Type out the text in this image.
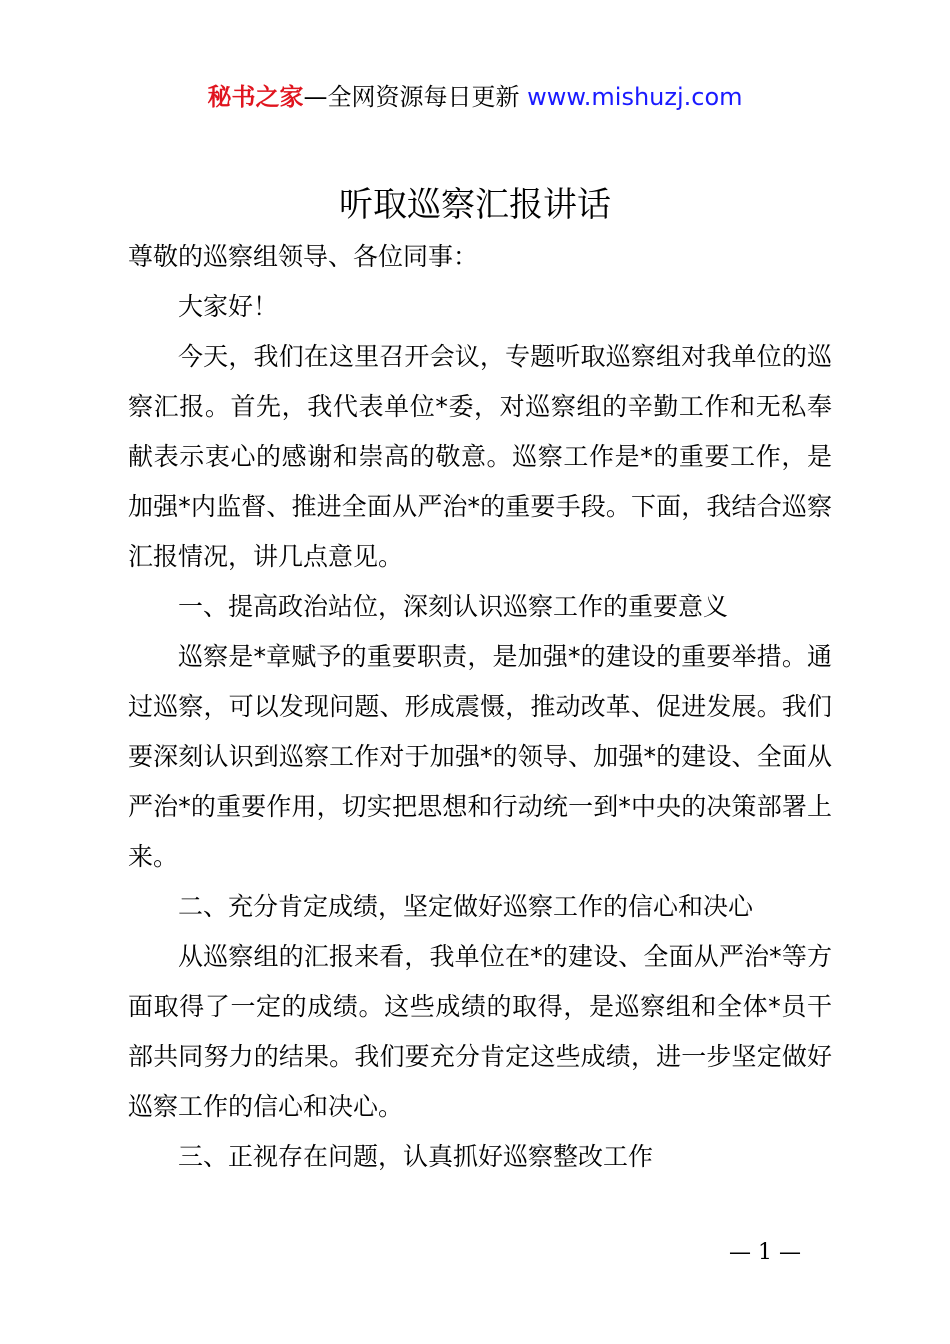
秘书之家—全网资源每日更新 www.mishuzj.com
听取巡察汇报讲话

尊敬的巡察组领导、各位同事：

大家好！

今天，我们在这里召开会议，专题听取巡察组对我单位的巡察汇报。首先，我代表单位*委，对巡察组的辛勤工作和无私奉献表示衷心的感谢和崇高的敬意。巡察工作是*的重要工作，是加强*内监督、推进全面从严治*的重要手段。下面，我结合巡察汇报情况，讲几点意见。

一、提高政治站位，深刻认识巡察工作的重要意义

巡察是*章赋予的重要职责，是加强*的建设的重要举措。通过巡察，可以发现问题、形成震慑，推动改革、促进发展。我们要深刻认识到巡察工作对于加强*的领导、加强*的建设、全面从严治*的重要作用，切实把思想和行动统一到*中央的决策部署上来。

二、充分肯定成绩，坚定做好巡察工作的信心和决心

从巡察组的汇报来看，我单位在*的建设、全面从严治*等方面取得了一定的成绩。这些成绩的取得，是巡察组和全体*员干部共同努力的结果。我们要充分肯定这些成绩，进一步坚定做好巡察工作的信心和决心。

三、正视存在问题，认真抓好巡察整改工作

— 1 —
